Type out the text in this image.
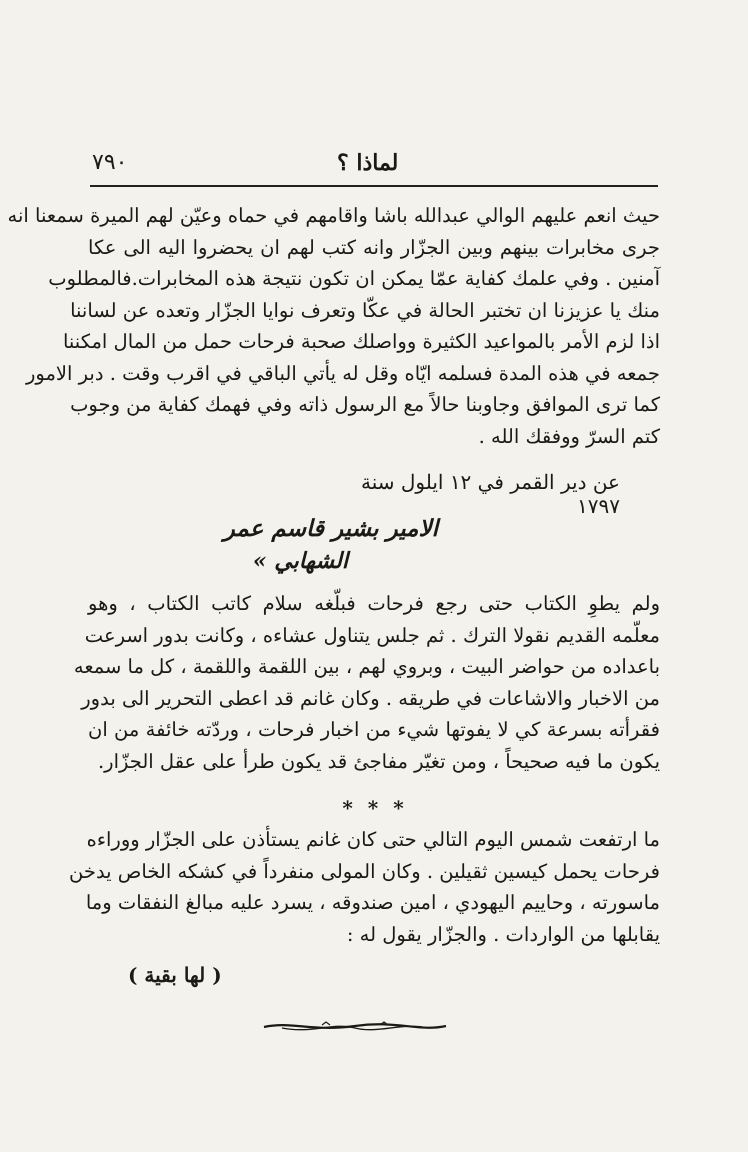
٧٩٠	لماذا ؟
حيث انعم عليهم الوالي عبدالله باشا واقامهم في حماه وعيّن لهم الميرة سمعنا انه
جرى مخابرات بينهم وبين الجزّار وانه كتب لهم ان يحضروا اليه الى عكا
آمنين . وفي علمك كفاية عمّا يمكن ان تكون نتيجة هذه المخابرات.فالمطلوب
منك يا عزيزنا ان تختبر الحالة في عكّا وتعرف نوايا الجزّار وتعده عن لساننا
اذا لزم الأمر بالمواعيد الكثيرة وواصلك صحبة فرحات حمل من المال امكننا
جمعه في هذه المدة فسلمه ايّاه وقل له يأتي الباقي في اقرب وقت . دبر الامور
كما ترى الموافق وجاوبنا حالاً مع الرسول ذاته وفي فهمك كفاية من وجوب
كتم السرّ ووفقك الله .
عن دير القمر في ١٢ ايلول سنة ١٧٩٧
الامير بشير قاسم عمر
الشهابي »
ولم يطوِ الكتاب حتى رجع فرحات فبلّغه سلام كاتب الكتاب ، وهو
معلّمه القديم نقولا الترك . ثم جلس يتناول عشاءه ، وكانت بدور اسرعت
باعداده من حواضر البيت ، وبروي لهم ، بين اللقمة واللقمة ، كل ما سمعه
من الاخبار والاشاعات في طريقه . وكان غانم قد اعطى التحرير الى بدور
فقرأته بسرعة كي لا يفوتها شيء من اخبار فرحات ، وردّته خائفة من ان
يكون ما فيه صحيحاً ، ومن تغيّر مفاجئ قد يكون طرأ على عقل الجزّار.
* * *
ما ارتفعت شمس اليوم التالي حتى كان غانم يستأذن على الجزّار ووراءه
فرحات يحمل كيسين ثقيلين . وكان المولى منفرداً في كشكه الخاص يدخن
ماسورته ، وحاييم اليهودي ، امين صندوقه ، يسرد عليه مبالغ النفقات وما
يقابلها من الواردات . والجزّار يقول له :
( لها بقية )
